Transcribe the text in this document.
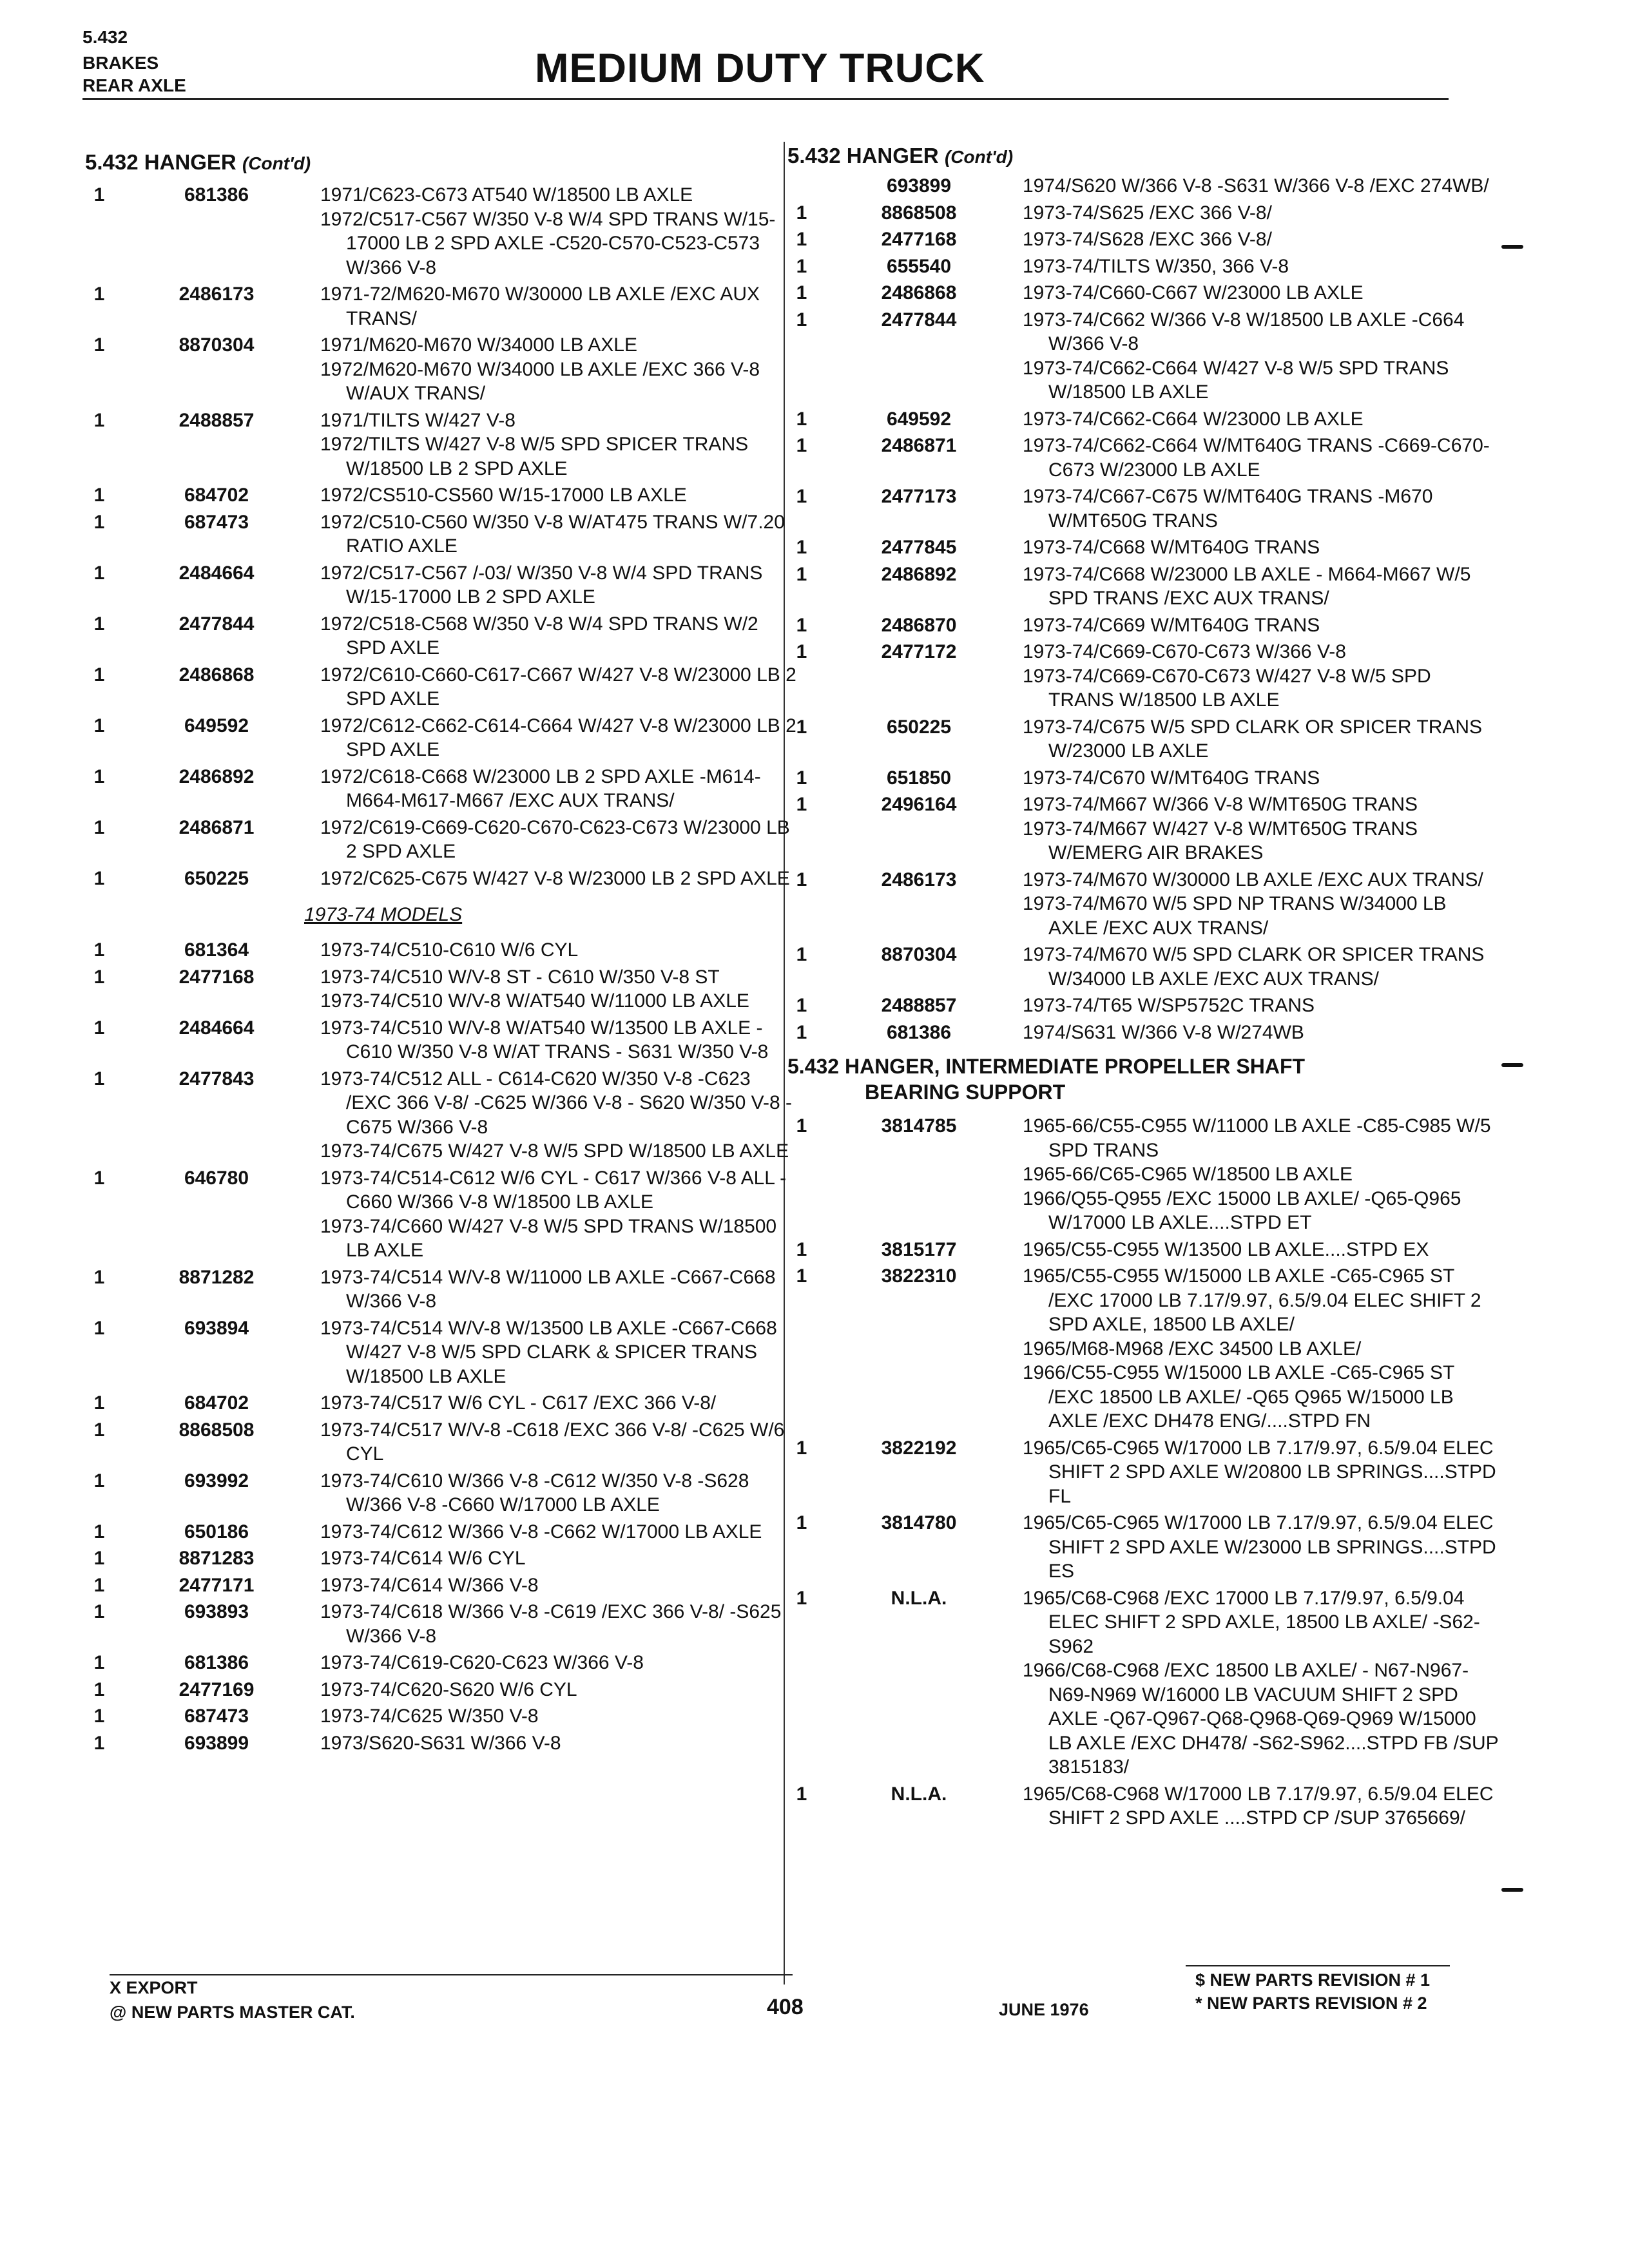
5.432
BRAKES
REAR AXLE	MEDIUM DUTY TRUCK
5.432 HANGER (Cont'd)
1	681386	1971/C623-C673 AT540 W/18500 LB AXLE
1972/C517-C567 W/350 V-8 W/4 SPD TRANS W/15-17000 LB 2 SPD AXLE -C520-C570-C523-C573 W/366 V-8
1	2486173	1971-72/M620-M670 W/30000 LB AXLE /EXC AUX TRANS/
1	8870304	1971/M620-M670 W/34000 LB AXLE
1972/M620-M670 W/34000 LB AXLE /EXC 366 V-8 W/AUX TRANS/
1	2488857	1971/TILTS W/427 V-8
1972/TILTS W/427 V-8 W/5 SPD SPICER TRANS W/18500 LB 2 SPD AXLE
1	684702	1972/CS510-CS560 W/15-17000 LB AXLE
1	687473	1972/C510-C560 W/350 V-8 W/AT475 TRANS W/7.20 RATIO AXLE
1	2484664	1972/C517-C567 /-03/ W/350 V-8 W/4 SPD TRANS W/15-17000 LB 2 SPD AXLE
1	2477844	1972/C518-C568 W/350 V-8 W/4 SPD TRANS W/2 SPD AXLE
1	2486868	1972/C610-C660-C617-C667 W/427 V-8 W/23000 LB 2 SPD AXLE
1	649592	1972/C612-C662-C614-C664 W/427 V-8 W/23000 LB 2 SPD AXLE
1	2486892	1972/C618-C668 W/23000 LB 2 SPD AXLE -M614-M664-M617-M667 /EXC AUX TRANS/
1	2486871	1972/C619-C669-C620-C670-C623-C673 W/23000 LB 2 SPD AXLE
1	650225	1972/C625-C675 W/427 V-8 W/23000 LB 2 SPD AXLE
1973-74 MODELS
1	681364	1973-74/C510-C610 W/6 CYL
1	2477168	1973-74/C510 W/V-8 ST - C610 W/350 V-8 ST
1973-74/C510 W/V-8 W/AT540 W/11000 LB AXLE
1	2484664	1973-74/C510 W/V-8 W/AT540 W/13500 LB AXLE - C610 W/350 V-8 W/AT TRANS - S631 W/350 V-8
1	2477843	1973-74/C512 ALL - C614-C620 W/350 V-8 -C623 /EXC 366 V-8/ -C625 W/366 V-8 - S620 W/350 V-8 - C675 W/366 V-8
1973-74/C675 W/427 V-8 W/5 SPD W/18500 LB AXLE
1	646780	1973-74/C514-C612 W/6 CYL - C617 W/366 V-8 ALL - C660 W/366 V-8 W/18500 LB AXLE
1973-74/C660 W/427 V-8 W/5 SPD TRANS W/18500 LB AXLE
1	8871282	1973-74/C514 W/V-8 W/11000 LB AXLE -C667-C668 W/366 V-8
1	693894	1973-74/C514 W/V-8 W/13500 LB AXLE -C667-C668 W/427 V-8 W/5 SPD CLARK & SPICER TRANS W/18500 LB AXLE
1	684702	1973-74/C517 W/6 CYL - C617 /EXC 366 V-8/
1	8868508	1973-74/C517 W/V-8 -C618 /EXC 366 V-8/ -C625 W/6 CYL
1	693992	1973-74/C610 W/366 V-8 -C612 W/350 V-8 -S628 W/366 V-8 -C660 W/17000 LB AXLE
1	650186	1973-74/C612 W/366 V-8 -C662 W/17000 LB AXLE
1	8871283	1973-74/C614 W/6 CYL
1	2477171	1973-74/C614 W/366 V-8
1	693893	1973-74/C618 W/366 V-8 -C619 /EXC 366 V-8/ -S625 W/366 V-8
1	681386	1973-74/C619-C620-C623 W/366 V-8
1	2477169	1973-74/C620-S620 W/6 CYL
1	687473	1973-74/C625 W/350 V-8
1	693899	1973/S620-S631 W/366 V-8
5.432 HANGER (Cont'd)
693899	1974/S620 W/366 V-8 -S631 W/366 V-8 /EXC 274WB/
1	8868508	1973-74/S625 /EXC 366 V-8/
1	2477168	1973-74/S628 /EXC 366 V-8/
1	655540	1973-74/TILTS W/350, 366 V-8
1	2486868	1973-74/C660-C667 W/23000 LB AXLE
1	2477844	1973-74/C662 W/366 V-8 W/18500 LB AXLE -C664 W/366 V-8
1973-74/C662-C664 W/427 V-8 W/5 SPD TRANS W/18500 LB AXLE
1	649592	1973-74/C662-C664 W/23000 LB AXLE
1	2486871	1973-74/C662-C664 W/MT640G TRANS -C669-C670-C673 W/23000 LB AXLE
1	2477173	1973-74/C667-C675 W/MT640G TRANS -M670 W/MT650G TRANS
1	2477845	1973-74/C668 W/MT640G TRANS
1	2486892	1973-74/C668 W/23000 LB AXLE - M664-M667 W/5 SPD TRANS /EXC AUX TRANS/
1	2486870	1973-74/C669 W/MT640G TRANS
1	2477172	1973-74/C669-C670-C673 W/366 V-8
1973-74/C669-C670-C673 W/427 V-8 W/5 SPD TRANS W/18500 LB AXLE
1	650225	1973-74/C675 W/5 SPD CLARK OR SPICER TRANS W/23000 LB AXLE
1	651850	1973-74/C670 W/MT640G TRANS
1	2496164	1973-74/M667 W/366 V-8 W/MT650G TRANS
1973-74/M667 W/427 V-8 W/MT650G TRANS W/EMERG AIR BRAKES
1	2486173	1973-74/M670 W/30000 LB AXLE /EXC AUX TRANS/
1973-74/M670 W/5 SPD NP TRANS W/34000 LB AXLE /EXC AUX TRANS/
1	8870304	1973-74/M670 W/5 SPD CLARK OR SPICER TRANS W/34000 LB AXLE /EXC AUX TRANS/
1	2488857	1973-74/T65 W/SP5752C TRANS
1	681386	1974/S631 W/366 V-8 W/274WB
5.432 HANGER, INTERMEDIATE PROPELLER SHAFT
BEARING SUPPORT
1	3814785	1965-66/C55-C955 W/11000 LB AXLE -C85-C985 W/5 SPD TRANS
1965-66/C65-C965 W/18500 LB AXLE
1966/Q55-Q955 /EXC 15000 LB AXLE/ -Q65-Q965 W/17000 LB AXLE....STPD ET
1	3815177	1965/C55-C955 W/13500 LB AXLE....STPD EX
1	3822310	1965/C55-C955 W/15000 LB AXLE -C65-C965 ST /EXC 17000 LB 7.17/9.97, 6.5/9.04 ELEC SHIFT 2 SPD AXLE, 18500 LB AXLE/
1965/M68-M968 /EXC 34500 LB AXLE/
1966/C55-C955 W/15000 LB AXLE -C65-C965 ST /EXC 18500 LB AXLE/ -Q65 Q965 W/15000 LB AXLE /EXC DH478 ENG/....STPD FN
1	3822192	1965/C65-C965 W/17000 LB 7.17/9.97, 6.5/9.04 ELEC SHIFT 2 SPD AXLE W/20800 LB SPRINGS....STPD FL
1	3814780	1965/C65-C965 W/17000 LB 7.17/9.97, 6.5/9.04 ELEC SHIFT 2 SPD AXLE W/23000 LB SPRINGS....STPD ES
1	N.L.A.	1965/C68-C968 /EXC 17000 LB 7.17/9.97, 6.5/9.04 ELEC SHIFT 2 SPD AXLE, 18500 LB AXLE/ -S62-S962
1966/C68-C968 /EXC 18500 LB AXLE/ - N67-N967-N69-N969 W/16000 LB VACUUM SHIFT 2 SPD AXLE -Q67-Q967-Q68-Q968-Q69-Q969 W/15000 LB AXLE /EXC DH478/ -S62-S962....STPD FB /SUP 3815183/
1	N.L.A.	1965/C68-C968 W/17000 LB 7.17/9.97, 6.5/9.04 ELEC SHIFT 2 SPD AXLE ....STPD CP /SUP 3765669/
X EXPORT
@ NEW PARTS MASTER CAT.	408	JUNE 1976
$ NEW PARTS REVISION # 1
* NEW PARTS REVISION # 2
